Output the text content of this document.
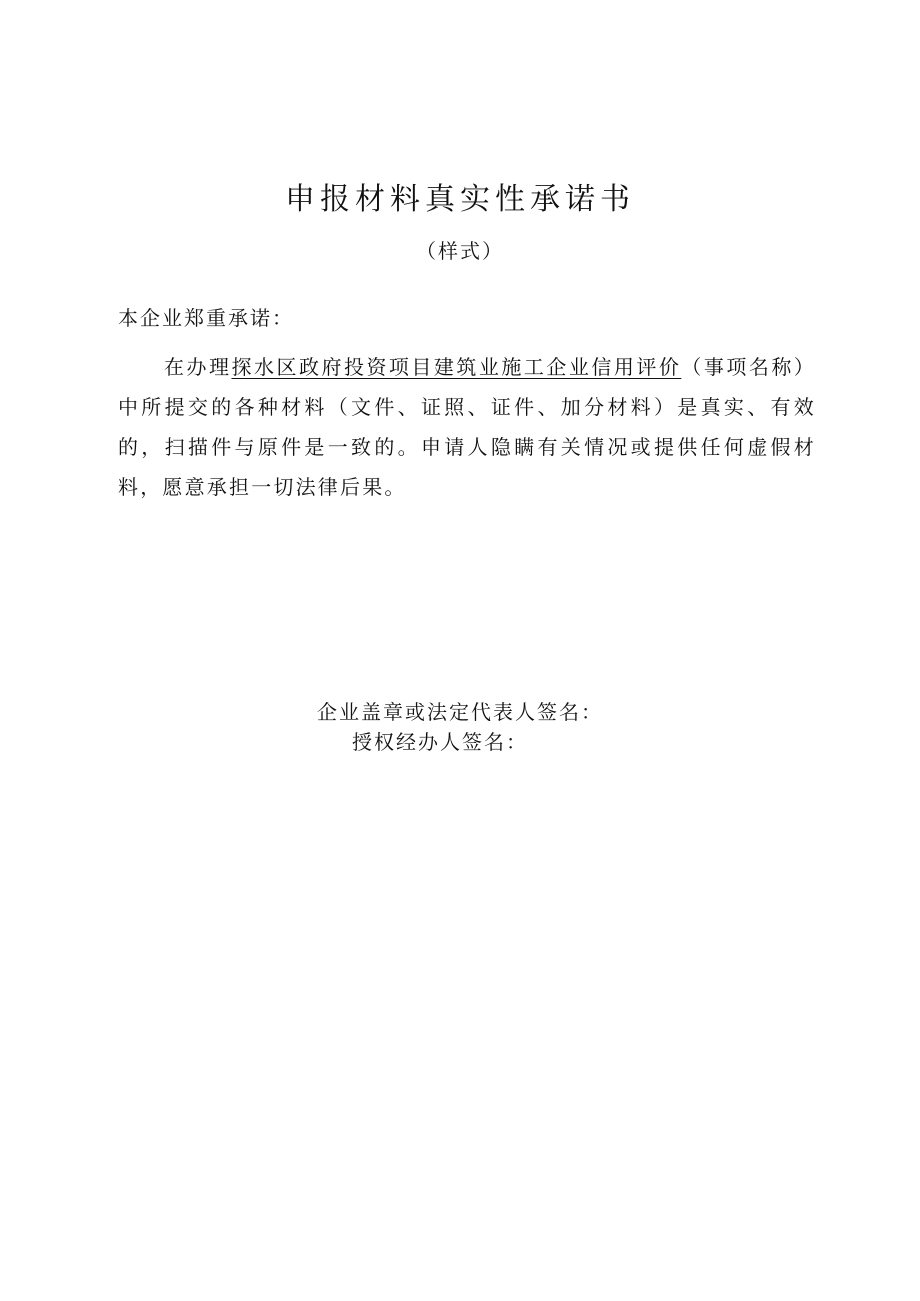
申报材料真实性承诺书
（样式）
本企业郑重承诺：

在办理探水区政府投资项目建筑业施工企业信用评价（事项名称）中所提交的各种材料（文件、证照、证件、加分材料）是真实、有效的，扫描件与原件是一致的。申请人隐瞒有关情况或提供任何虚假材料，愿意承担一切法律后果。

企业盖章或法定代表人签名：
授权经办人签名：
